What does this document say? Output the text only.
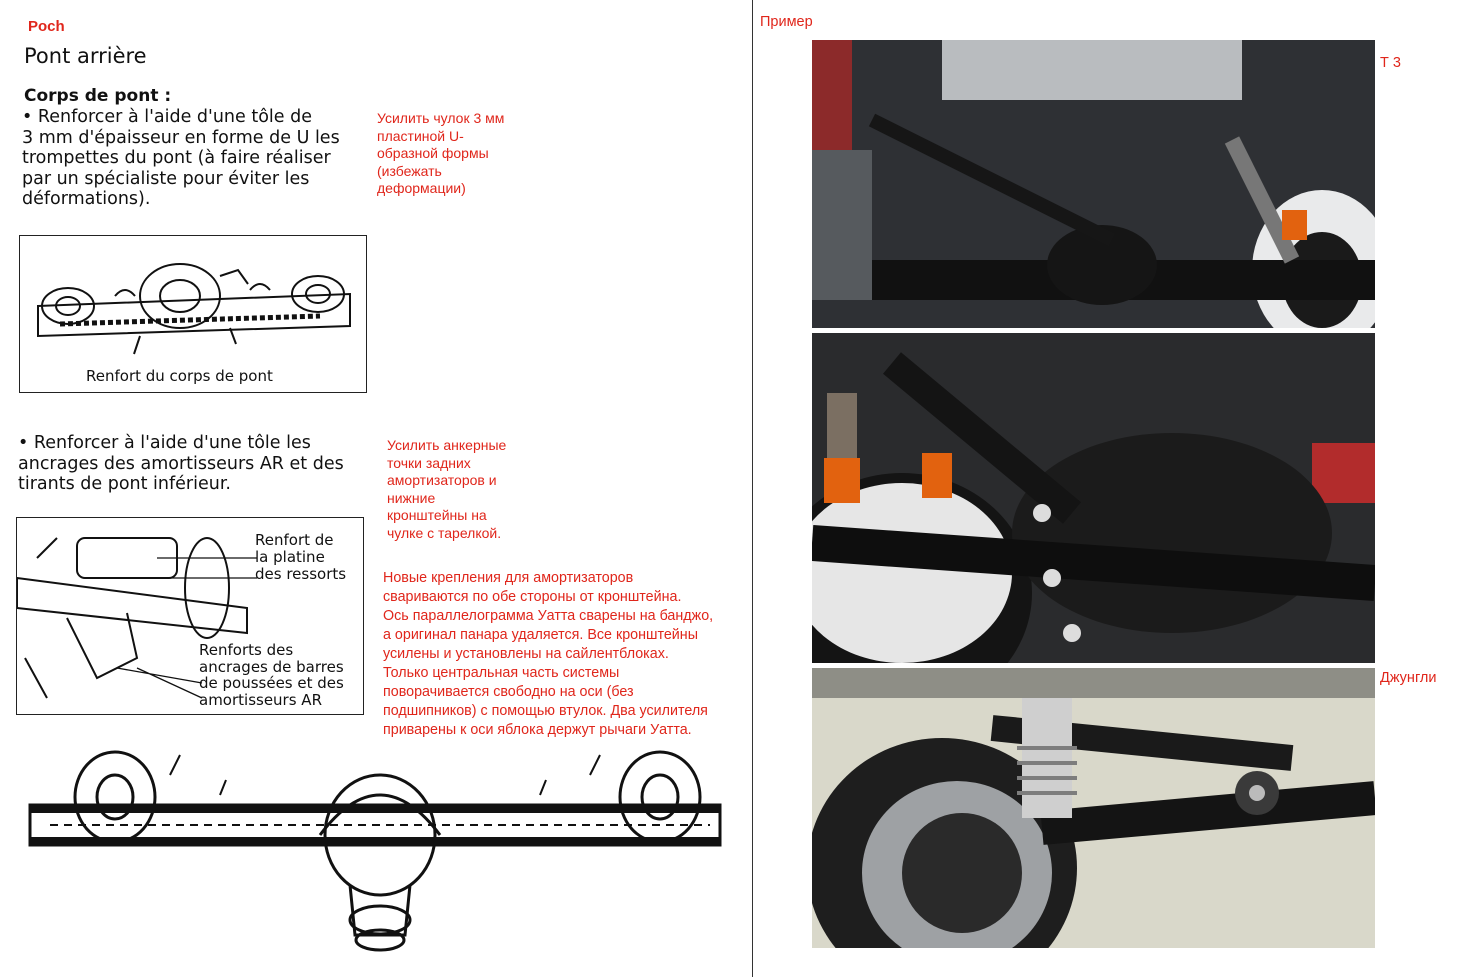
Poch
Pont arrière
Corps de pont :
• Renforcer à l'aide d'une tôle de
3 mm d'épaisseur en forme de U les
trompettes du pont (à faire réaliser
par un spécialiste pour éviter les
déformations).
Усилить чулок 3 мм
пластиной U-
образной формы
(избежать
деформации)
Renfort du corps de pont
• Renforcer à l'aide d'une tôle les
ancrages des amortisseurs AR et des
tirants de pont inférieur.
Усилить анкерные
точки задних
амортизаторов и
нижние
кронштейны на
чулке с тарелкой.
Renfort de
la platine
des ressorts
Renforts des
ancrages de barres
de poussées et des
amortisseurs AR
Новые крепления для амортизаторов
свариваются по обе стороны от кронштейна.
Ось параллелограмма Уатта сварены на банджо,
а оригинал панара удаляется. Все кронштейны
усилены и установлены на сайлентблоках.
Только центральная часть системы
поворачивается свободно на оси (без
подшипников) с помощью втулок. Два усилителя
приварены к оси яблока держут рычаги Уатта.
Пример
Т 3
Джунгли
